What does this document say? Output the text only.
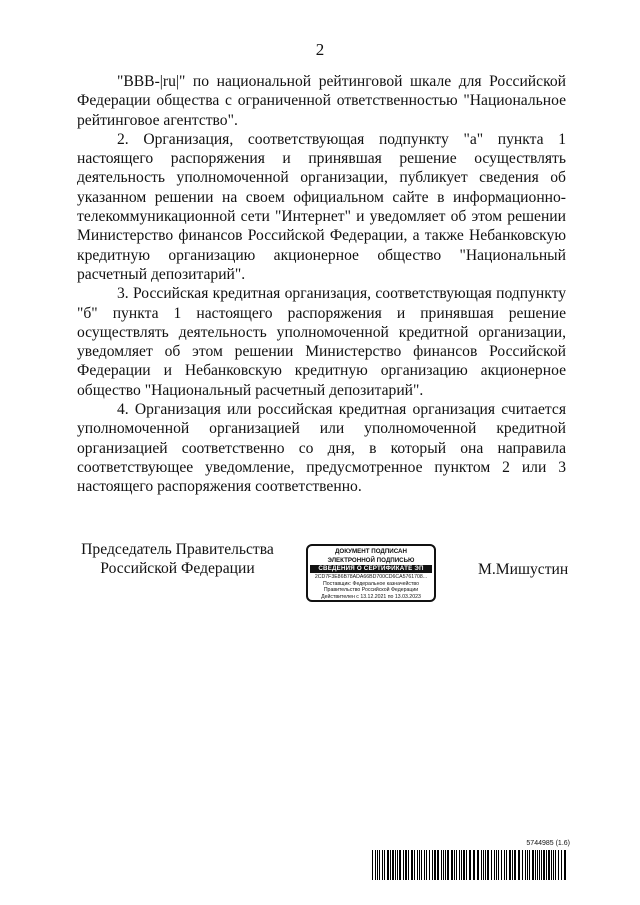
2

"BBB-|ru|" по национальной рейтинговой шкале для Российской Федерации общества с ограниченной ответственностью "Национальное рейтинговое агентство".

2. Организация, соответствующая подпункту "а" пункта 1 настоящего распоряжения и принявшая решение осуществлять деятельность уполномоченной организации, публикует сведения об указанном решении на своем официальном сайте в информационно-телекоммуникационной сети "Интернет" и уведомляет об этом решении Министерство финансов Российской Федерации, а также Небанковскую кредитную организацию акционерное общество "Национальный расчетный депозитарий".

3. Российская кредитная организация, соответствующая подпункту "б" пункта 1 настоящего распоряжения и принявшая решение осуществлять деятельность уполномоченной кредитной организации, уведомляет об этом решении Министерство финансов Российской Федерации и Небанковскую кредитную организацию акционерное общество "Национальный расчетный депозитарий".

4. Организация или российская кредитная организация считается уполномоченной организацией или уполномоченной кредитной организацией соответственно со дня, в который она направила соответствующее уведомление, предусмотренное пунктом 2 или 3 настоящего распоряжения соответственно.

Председатель Правительства
Российской Федерации
ДОКУМЕНТ ПОДПИСАН
ЭЛЕКТРОННОЙ ПОДПИСЬЮ
СВЕДЕНИЯ О СЕРТИФИКАТЕ ЭП
2CD7F3E86B78ADA66BD700CD6CA5761708...
Поставщик: Федеральное казначейство
Правительство Российской Федерации
Действителен с 13.12.2021 по 13.03.2023
М.Мишустин
5744985 (1.6)
